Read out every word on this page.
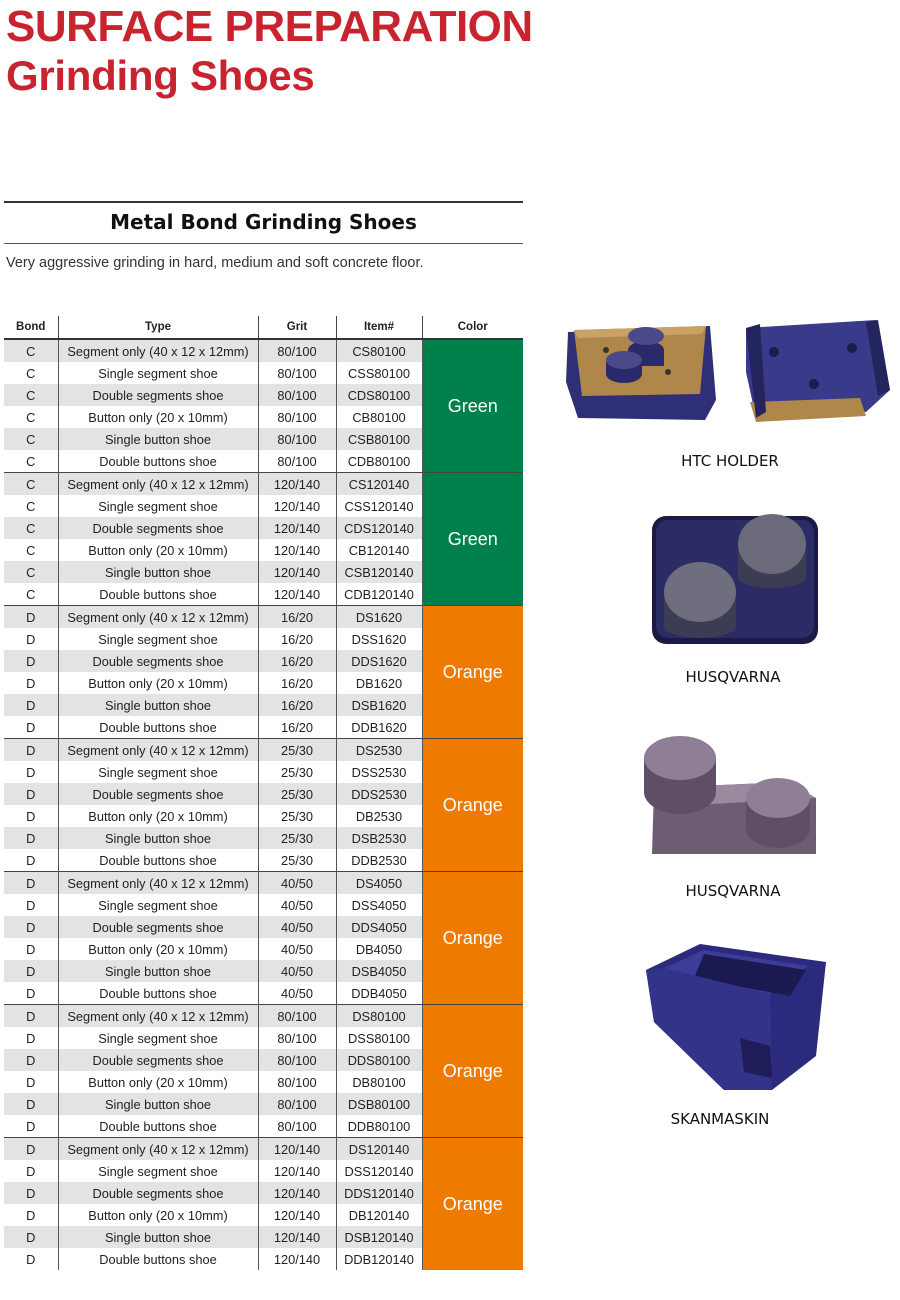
SURFACE PREPARATION
Grinding Shoes
Metal Bond Grinding Shoes
Very aggressive grinding in hard, medium and soft concrete floor.
Bond	Type	Grit	Item#	Color
C	Segment only (40 x 12 x 12mm)	80/100	CS80100	Green
C	Single segment shoe	80/100	CSS80100	
C	Double segments shoe	80/100	CDS80100	
C	Button only (20 x 10mm)	80/100	CB80100	
C	Single button shoe	80/100	CSB80100	
C	Double buttons shoe	80/100	CDB80100	
C	Segment only (40 x 12 x 12mm)	120/140	CS120140	Green
C	Single segment shoe	120/140	CSS120140	
C	Double segments shoe	120/140	CDS120140	
C	Button only (20 x 10mm)	120/140	CB120140	
C	Single button shoe	120/140	CSB120140	
C	Double buttons shoe	120/140	CDB120140	
D	Segment only (40 x 12 x 12mm)	16/20	DS1620	Orange
D	Single segment shoe	16/20	DSS1620	
D	Double segments shoe	16/20	DDS1620	
D	Button only (20 x 10mm)	16/20	DB1620	
D	Single button shoe	16/20	DSB1620	
D	Double buttons shoe	16/20	DDB1620	
D	Segment only (40 x 12 x 12mm)	25/30	DS2530	Orange
D	Single segment shoe	25/30	DSS2530	
D	Double segments shoe	25/30	DDS2530	
D	Button only (20 x 10mm)	25/30	DB2530	
D	Single button shoe	25/30	DSB2530	
D	Double buttons shoe	25/30	DDB2530	
D	Segment only (40 x 12 x 12mm)	40/50	DS4050	Orange
D	Single segment shoe	40/50	DSS4050	
D	Double segments shoe	40/50	DDS4050	
D	Button only (20 x 10mm)	40/50	DB4050	
D	Single button shoe	40/50	DSB4050	
D	Double buttons shoe	40/50	DDB4050	
D	Segment only (40 x 12 x 12mm)	80/100	DS80100	Orange
D	Single segment shoe	80/100	DSS80100	
D	Double segments shoe	80/100	DDS80100	
D	Button only (20 x 10mm)	80/100	DB80100	
D	Single button shoe	80/100	DSB80100	
D	Double buttons shoe	80/100	DDB80100	
D	Segment only (40 x 12 x 12mm)	120/140	DS120140	Orange
D	Single segment shoe	120/140	DSS120140	
D	Double segments shoe	120/140	DDS120140	
D	Button only (20 x 10mm)	120/140	DB120140	
D	Single button shoe	120/140	DSB120140	
D	Double buttons shoe	120/140	DDB120140	
HTC HOLDER
HUSQVARNA
HUSQVARNA
SKANMASKIN
